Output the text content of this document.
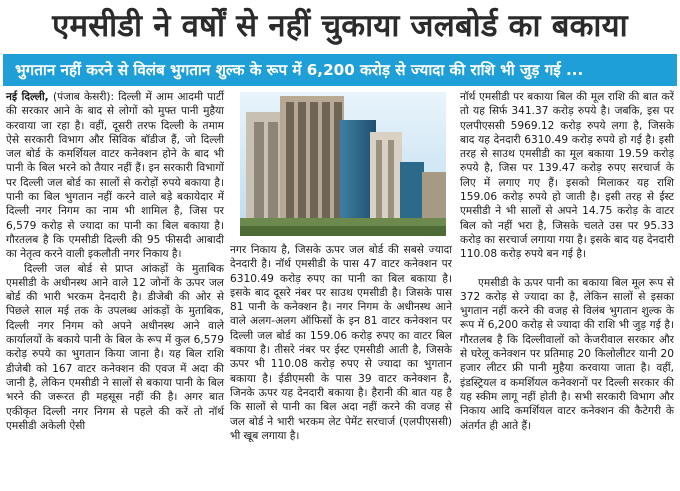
एमसीडी ने वर्षों से नहीं चुकाया जलबोर्ड का बकाया
भुगतान नहीं करने से विलंब भुगतान शुल्क के रूप में 6,200 करोड़ से ज्यादा की राशि भी जुड़ गई ...

नई दिल्ली, (पंजाब केसरी): दिल्ली में आम आदमी पार्टी की सरकार आने के बाद से लोगों को मुफ्त पानी मुहैया करवाया जा रहा है। वहीं, दूसरी तरफ दिल्ली के तमाम ऐसे सरकारी विभाग और सिविक बॉडीज हैं, जो दिल्ली जल बोर्ड के कमर्शियल वाटर कनेक्शन होने के बाद भी पानी के बिल भरने को तैयार नहीं हैं। इन सरकारी विभागों पर दिल्ली जल बोर्ड का सालों से करोड़ों रुपये बकाया है। पानी का बिल भुगतान नहीं करने वाले बड़े बकायेदार में दिल्ली नगर निगम का नाम भी शामिल है, जिस पर 6,579 करोड़ से ज्यादा का पानी का बिल बकाया है। गौरतलब है कि एमसीडी दिल्ली की 95 फीसदी आबादी का नेतृत्व करने वाली इकलौती नगर निकाय है।

दिल्ली जल बोर्ड से प्राप्त आंकड़ों के मुताबिक एमसीडी के अधीनस्थ आने वाले 12 जोनों के ऊपर जल बोर्ड की भारी भरकम देनदारी है। डीजेबी की ओर से पिछले साल मई तक के उपलब्ध आंकड़ों के मुताबिक, दिल्ली नगर निगम को अपने अधीनस्थ आने वाले कार्यालयों के बकाये पानी के बिल के रूप में कुल 6,579 करोड़ रुपये का भुगतान किया जाना है। यह बिल राशि डीजेबी को 167 वाटर कनेक्शन की एवज में अदा की जानी है, लेकिन एमसीडी ने सालों से बकाया पानी के बिल भरने की जरूरत ही महसूस नहीं की है। अगर बात एकीकृत दिल्ली नगर निगम से पहले की करें तो नॉर्थ एमसीडी अकेली ऐसी

नगर निकाय है, जिसके ऊपर जल बोर्ड की सबसे ज्यादा देनदारी है। नॉर्थ एमसीडी के पास 47 वाटर कनेक्शन पर 6310.49 करोड़ रुपए का पानी का बिल बकाया है। इसके बाद दूसरे नंबर पर साउथ एमसीडी है। जिसके पास 81 पानी के कनेक्शन है। नगर निगम के अधीनस्थ आने वाले अलग-अलग ऑफिसों के इन 81 वाटर कनेक्शन पर दिल्ली जल बोर्ड का 159.06 करोड़ रुपए का वाटर बिल बकाया है। तीसरे नंबर पर ईस्ट एमसीडी आती है, जिसके ऊपर भी 110.08 करोड़ रुपए से ज्यादा का भुगतान बकाया है। ईडीएमसी के पास 39 वाटर कनेक्शन है, जिनके ऊपर यह देनदारी बकाया है। हैरानी की बात यह है कि सालों से पानी का बिल अदा नहीं करने की वजह से जल बोर्ड ने भारी भरकम लेट पेमेंट सरचार्ज (एलपीएससी) भी खूब लगाया है।

नॉर्थ एमसीडी पर बकाया बिल की मूल राशि की बात करें तो यह सिर्फ 341.37 करोड़ रुपये है। जबकि, इस पर एलपीएससी 5969.12 करोड़ रुपये लगा है, जिसके बाद यह देनदारी 6310.49 करोड़ रुपये हो गई है। इसी तरह से साउथ एमसीडी का मूल बकाया 19.59 करोड़ रुपये है, जिस पर 139.47 करोड़ रुपए सरचार्ज के लिए में लगाए गए हैं। इसको मिलाकर यह राशि 159.06 करोड़ रुपये हो जाती है। इसी तरह से ईस्ट एमसीडी ने भी सालों से अपने 14.75 करोड़ के वाटर बिल को नहीं भरा है, जिसके चलते उस पर 95.33 करोड़ का सरचार्ज लगाया गया है। इसके बाद यह देनदारी 110.08 करोड़ रुपये बन गई है।

एमसीडी के ऊपर पानी का बकाया बिल मूल रूप से 372 करोड़ से ज्यादा का है, लेकिन सालों से इसका भुगतान नहीं करने की वजह से विलंब भुगतान शुल्क के रूप में 6,200 करोड़ से ज्यादा की राशि भी जुड़ गई है। गौरतलब है कि दिल्लीवालों को केजरीवाल सरकार और से घरेलू कनेक्शन पर प्रतिमाह 20 किलोलीटर यानी 20 हजार लीटर फ्री पानी मुहैया करवाया जाता है। वहीं, इंडस्ट्रियल व कमर्शियल कनेक्शनों पर दिल्ली सरकार की यह स्कीम लागू नहीं होती है। सभी सरकारी विभाग और निकाय आदि कमर्शियल वाटर कनेक्शन की कैटेगरी के अंतर्गत ही आते हैं।
